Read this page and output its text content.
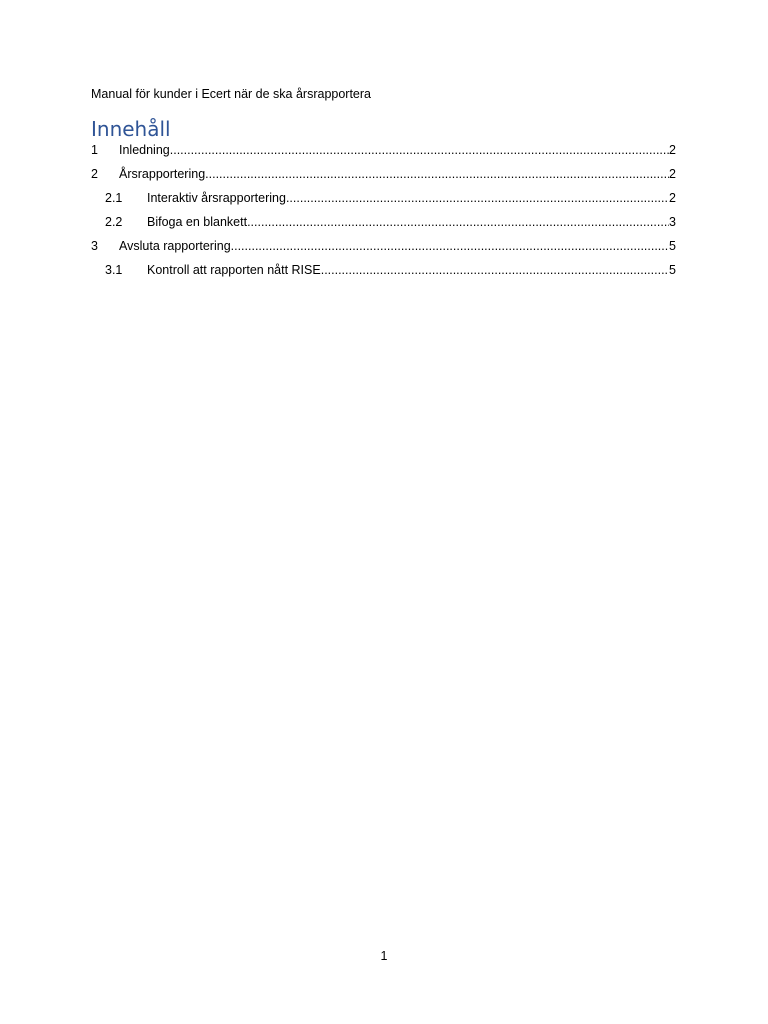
Manual för kunder i Ecert när de ska årsrapportera
Innehåll
1	Inledning .....	2
2	Årsrapportering .....	2
2.1	Interaktiv årsrapportering .....	2
2.2	Bifoga en blankett .....	3
3	Avsluta rapportering .....	5
3.1	Kontroll att rapporten nått RISE .....	5
1
